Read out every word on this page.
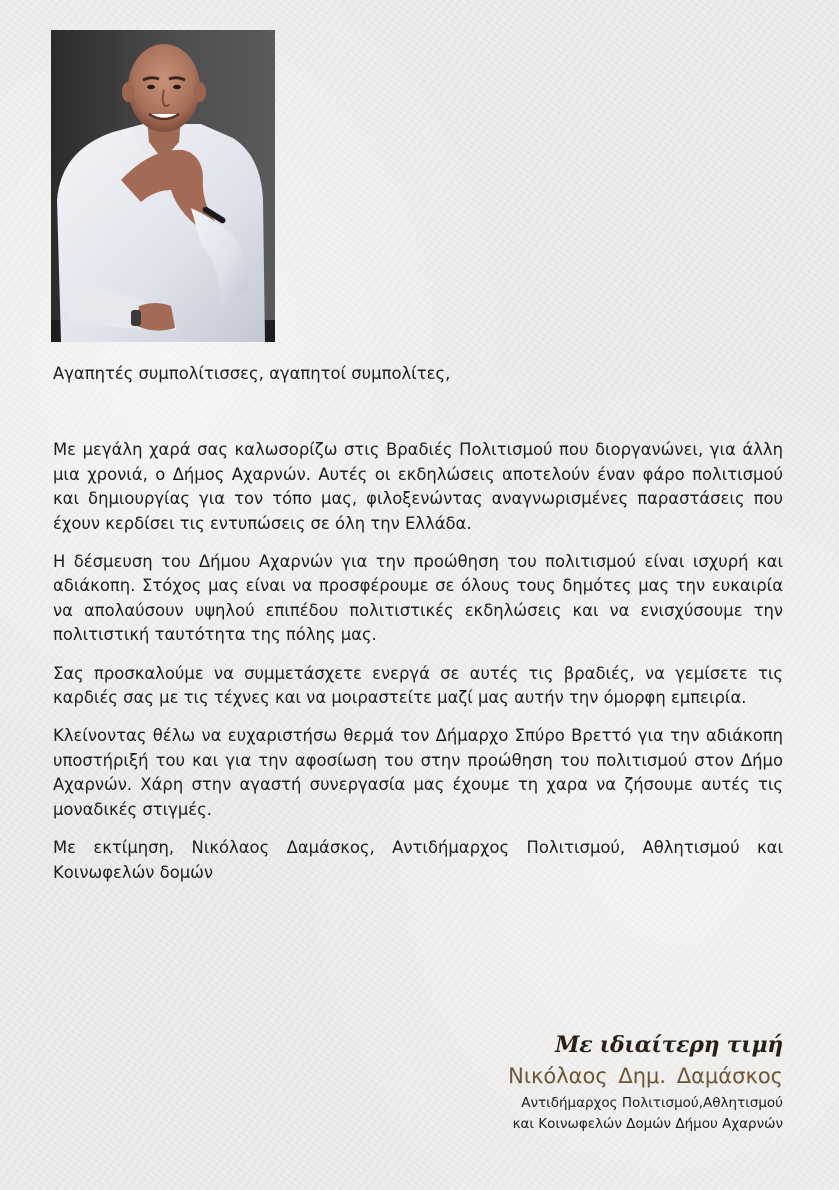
Αγαπητές συμπολίτισσες, αγαπητοί συμπολίτες,

Με μεγάλη χαρά σας καλωσορίζω στις Βραδιές Πολιτισμού που διοργανώνει, για άλλη μια χρονιά, ο Δήμος Αχαρνών. Αυτές οι εκδηλώσεις αποτελούν έναν φάρο πολιτισμού και δημιουργίας για τον τόπο μας, φιλοξενώντας αναγνωρισμένες παραστάσεις που έχουν κερδίσει τις εντυπώσεις σε όλη την Ελλάδα.

Η δέσμευση του Δήμου Αχαρνών για την προώθηση του πολιτισμού είναι ισχυρή και αδιάκοπη. Στόχος μας είναι να προσφέρουμε σε όλους τους δημότες μας την ευκαιρία να απολαύσουν υψηλού επιπέδου πολιτιστικές εκδηλώσεις και να ενισχύσουμε την πολιτιστική ταυτότητα της πόλης μας.

Σας προσκαλούμε να συμμετάσχετε ενεργά σε αυτές τις βραδιές, να γεμίσετε τις καρδιές σας με τις τέχνες και να μοιραστείτε μαζί μας αυτήν την όμορφη εμπειρία.

Κλείνοντας θέλω να ευχαριστήσω θερμά τον Δήμαρχο Σπύρο Βρεττό για την αδιάκοπη υποστήριξή του και για την αφοσίωση του στην προώθηση του πολιτισμού στον Δήμο Αχαρνών. Χάρη στην αγαστή συνεργασία μας έχουμε τη χαρα να ζήσουμε αυτές τις μοναδικές στιγμές.

Με εκτίμηση, Νικόλαος Δαμάσκος, Αντιδήμαρχος Πολιτισμού, Αθλητισμού και Κοινωφελών δομών

Με ιδιαίτερη τιμή
Νικόλαος Δημ. Δαμάσκος
Αντιδήμαρχος Πολιτισμού,Αθλητισμού
και Κοινωφελών Δομών Δήμου Αχαρνών
